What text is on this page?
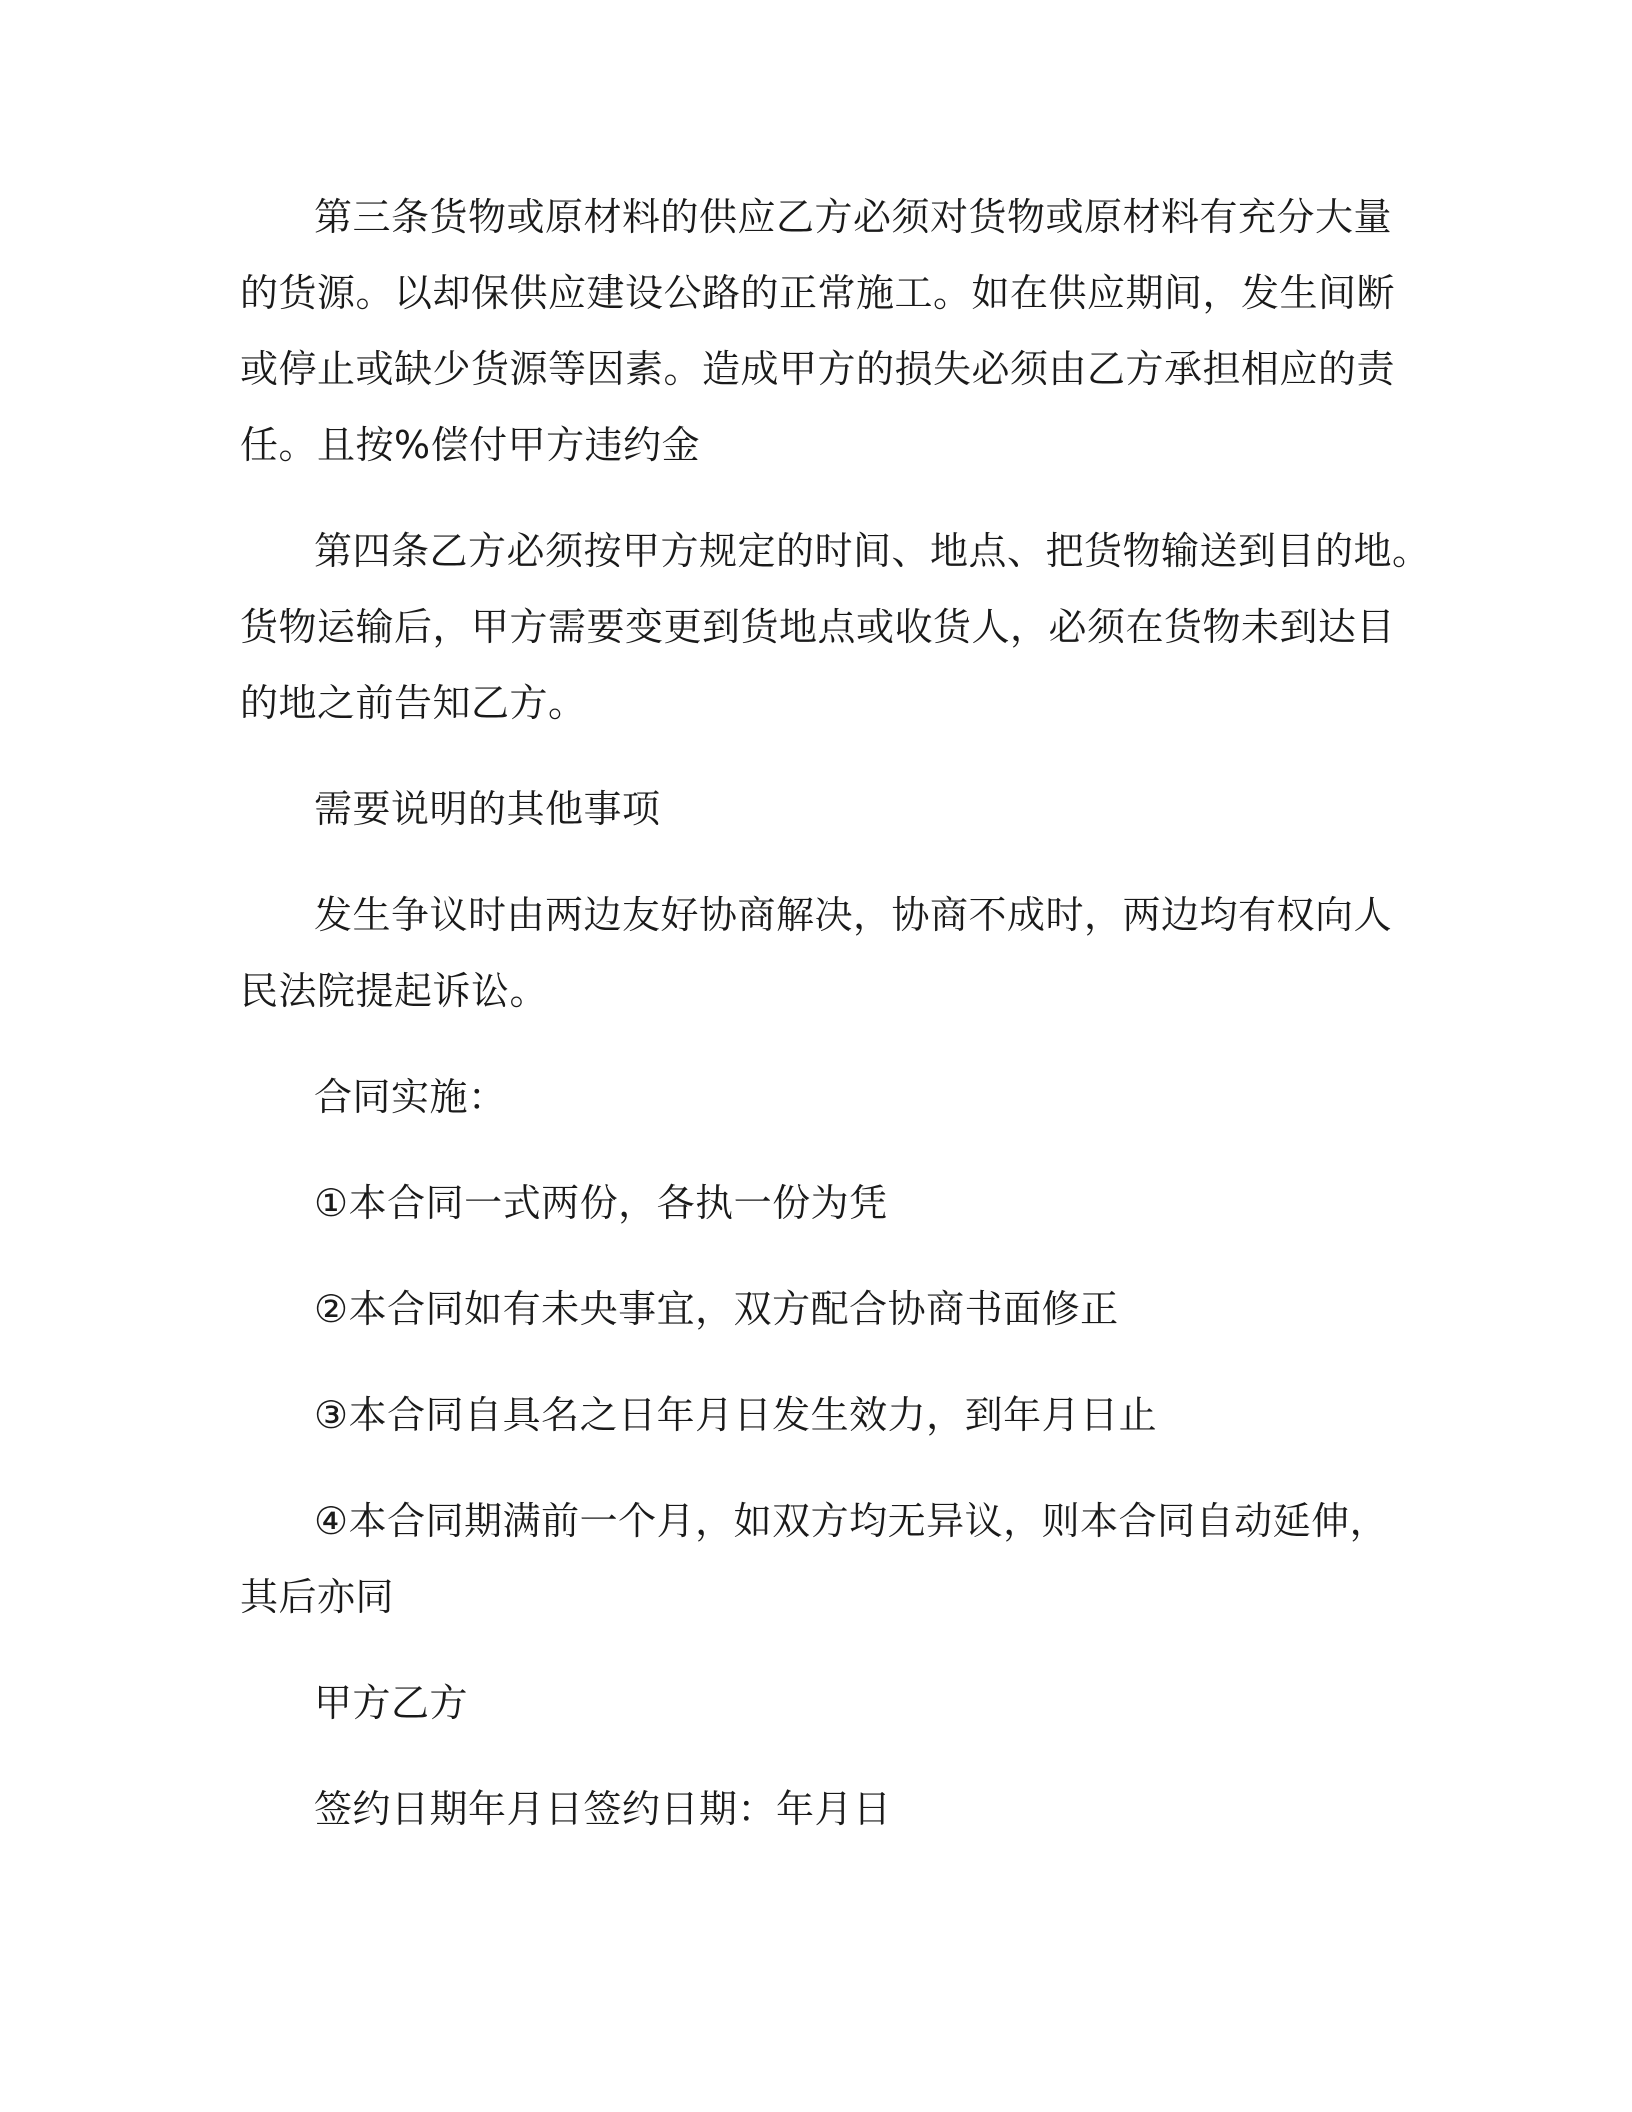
第三条货物或原材料的供应乙方必须对货物或原材料有充分大量
的货源。以却保供应建设公路的正常施工。如在供应期间，发生间断
或停止或缺少货源等因素。造成甲方的损失必须由乙方承担相应的责
任。且按%偿付甲方违约金
第四条乙方必须按甲方规定的时间、地点、把货物输送到目的地。
货物运输后，甲方需要变更到货地点或收货人，必须在货物未到达目
的地之前告知乙方。
需要说明的其他事项
发生争议时由两边友好协商解决，协商不成时，两边均有权向人
民法院提起诉讼。
合同实施：
①本合同一式两份，各执一份为凭
②本合同如有未央事宜，双方配合协商书面修正
③本合同自具名之日年月日发生效力，到年月日止
④本合同期满前一个月，如双方均无异议，则本合同自动延伸，
其后亦同
甲方乙方
签约日期年月日签约日期：年月日
